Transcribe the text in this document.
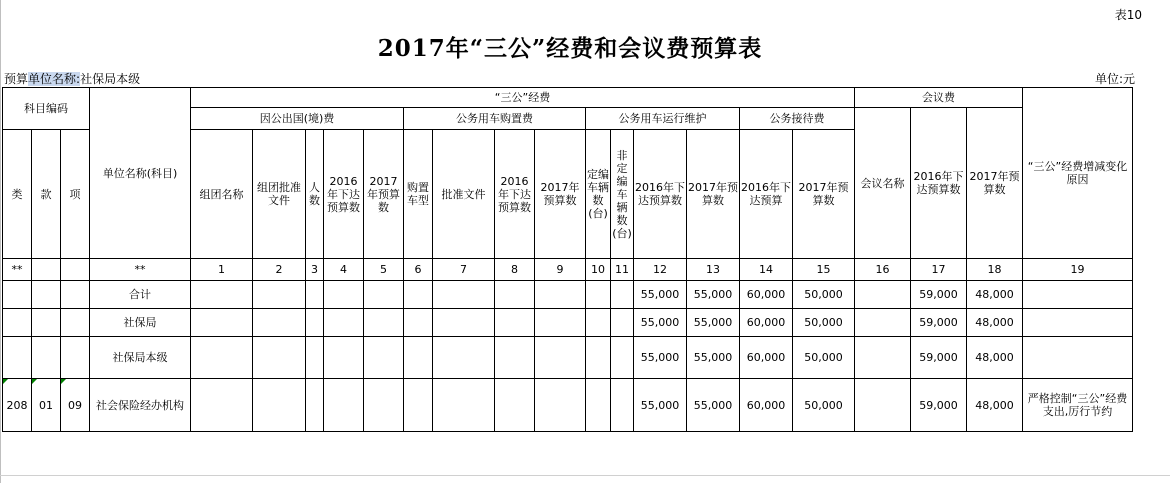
表10
2017年“三公”经费和会议费预算表
预算单位名称:社保局本级	单位:元
科目编码			单位名称(科目)	“三公”经费															会议费			“三公”经费增减变化原因
				因公出国(境)费					公务用车购置费				公务用车运行维护				公务接待费		会议名称	2016年下达预算数	2017年预算数	
类	款	项		组团名称	组团批准文件	人数	2016年下达预算数	2017年预算数	购置车型	批准文件	2016年下达预算数	2017年预算数	定编车辆数(台)	非定编车辆数(台)	2016年下达预算数	2017年预算数	2016年下达预算	2017年预算数				

**			**	1	2	3	4	5	6	7	8	9	10	11	12	13	14	15	16	17	18	19
			合计												55,000	55,000	60,000	50,000		59,000	48,000	
			社保局												55,000	55,000	60,000	50,000		59,000	48,000	
			社保局本级												55,000	55,000	60,000	50,000		59,000	48,000	
208	01	09	社会保险经办机构												55,000	55,000	60,000	50,000		59,000	48,000	严格控制“三公”经费支出,厉行节约
